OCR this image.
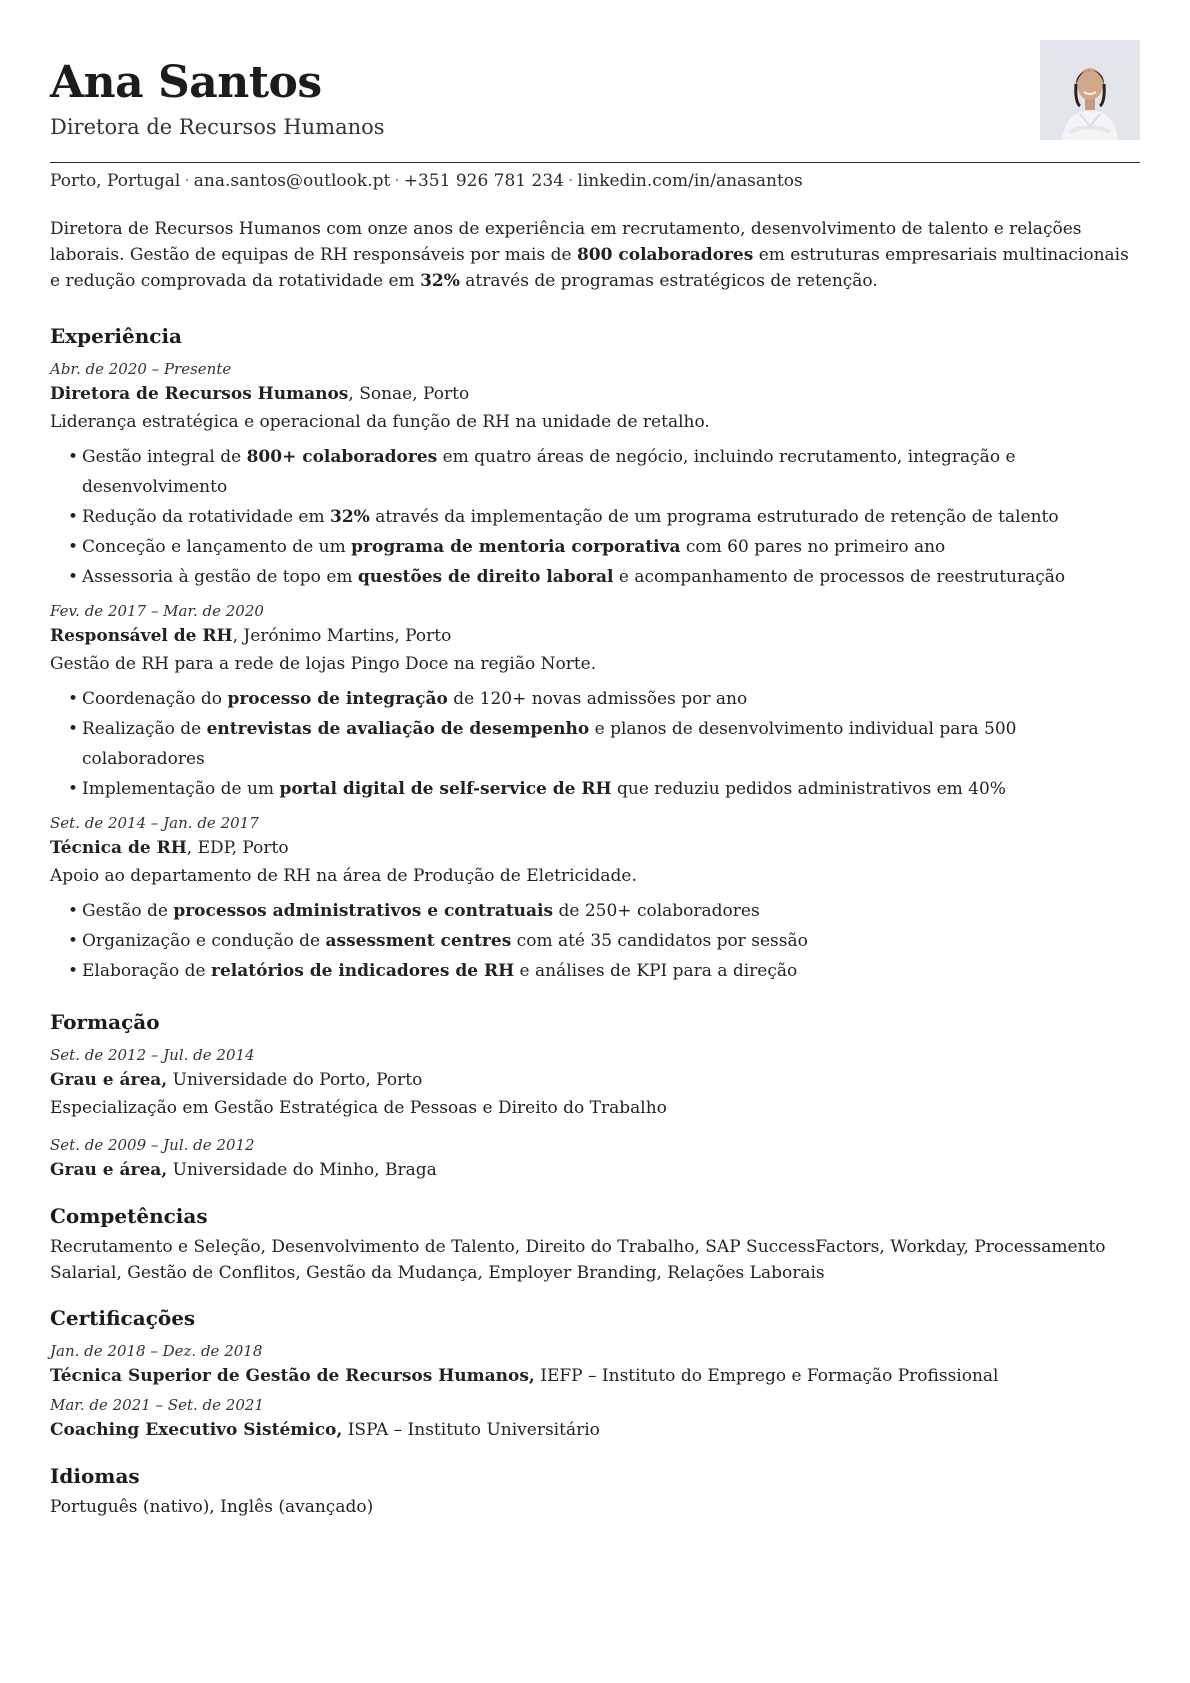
Ana Santos
Diretora de Recursos Humanos
Porto, Portugal · ana.santos@outlook.pt · +351 926 781 234 · linkedin.com/in/anasantos
Diretora de Recursos Humanos com onze anos de experiência em recrutamento, desenvolvimento de talento e relações laborais. Gestão de equipas de RH responsáveis por mais de 800 colaboradores em estruturas empresariais multinacionais e redução comprovada da rotatividade em 32% através de programas estratégicos de retenção.
Experiência
Abr. de 2020 – Presente
Diretora de Recursos Humanos, Sonae, Porto
Liderança estratégica e operacional da função de RH na unidade de retalho.
• Gestão integral de 800+ colaboradores em quatro áreas de negócio, incluindo recrutamento, integração e desenvolvimento
• Redução da rotatividade em 32% através da implementação de um programa estruturado de retenção de talento
• Conceção e lançamento de um programa de mentoria corporativa com 60 pares no primeiro ano
• Assessoria à gestão de topo em questões de direito laboral e acompanhamento de processos de reestruturação
Fev. de 2017 – Mar. de 2020
Responsável de RH, Jerónimo Martins, Porto
Gestão de RH para a rede de lojas Pingo Doce na região Norte.
• Coordenação do processo de integração de 120+ novas admissões por ano
• Realização de entrevistas de avaliação de desempenho e planos de desenvolvimento individual para 500 colaboradores
• Implementação de um portal digital de self-service de RH que reduziu pedidos administrativos em 40%
Set. de 2014 – Jan. de 2017
Técnica de RH, EDP, Porto
Apoio ao departamento de RH na área de Produção de Eletricidade.
• Gestão de processos administrativos e contratuais de 250+ colaboradores
• Organização e condução de assessment centres com até 35 candidatos por sessão
• Elaboração de relatórios de indicadores de RH e análises de KPI para a direção
Formação
Set. de 2012 – Jul. de 2014
Grau e área, Universidade do Porto, Porto
Especialização em Gestão Estratégica de Pessoas e Direito do Trabalho
Set. de 2009 – Jul. de 2012
Grau e área, Universidade do Minho, Braga
Competências
Recrutamento e Seleção, Desenvolvimento de Talento, Direito do Trabalho, SAP SuccessFactors, Workday, Processamento Salarial, Gestão de Conflitos, Gestão da Mudança, Employer Branding, Relações Laborais
Certificações
Jan. de 2018 – Dez. de 2018
Técnica Superior de Gestão de Recursos Humanos, IEFP – Instituto do Emprego e Formação Profissional
Mar. de 2021 – Set. de 2021
Coaching Executivo Sistémico, ISPA – Instituto Universitário
Idiomas
Português (nativo), Inglês (avançado)
